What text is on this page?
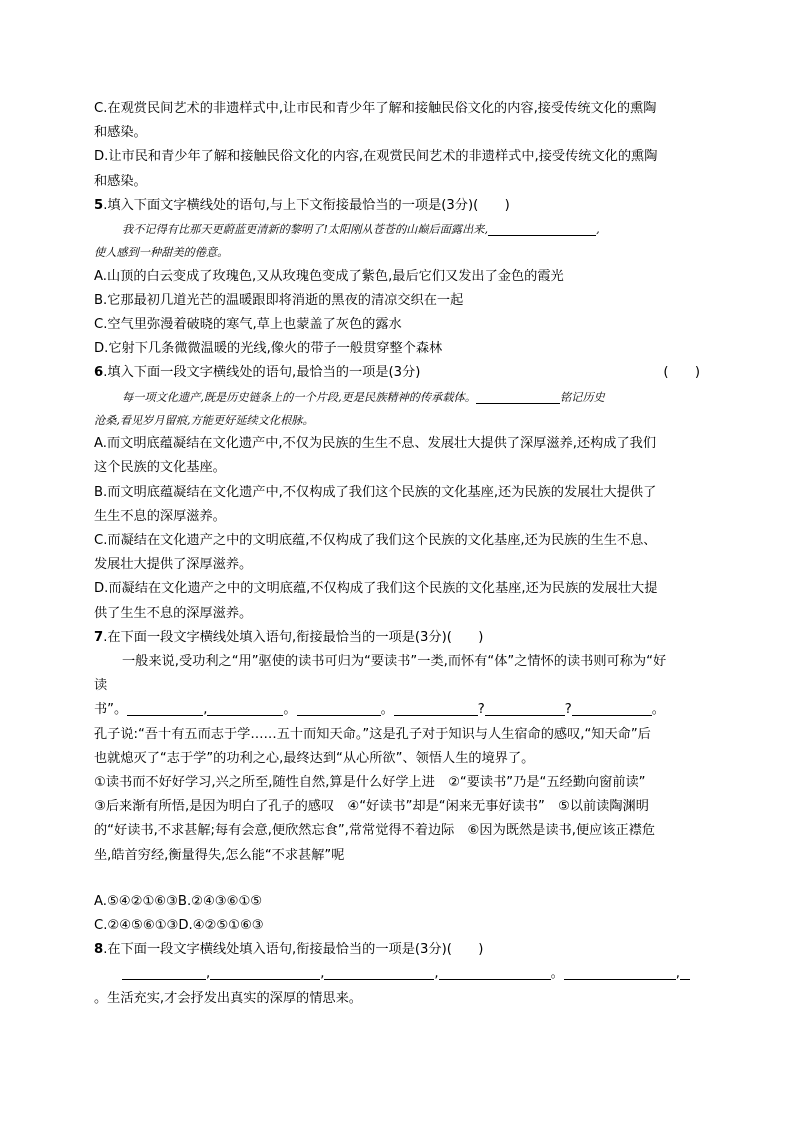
C.在观赏民间艺术的非遗样式中,让市民和青少年了解和接触民俗文化的内容,接受传统文化的熏陶
和感染。
D.让市民和青少年了解和接触民俗文化的内容,在观赏民间艺术的非遗样式中,接受传统文化的熏陶
和感染。
5.填入下面文字横线处的语句,与上下文衔接最恰当的一项是(3分)(　　)
我不记得有比那天更蔚蓝更清新的黎明了!太阳刚从苍苍的山巅后面露出来,	,
使人感到一种甜美的倦意。
A.山顶的白云变成了玫瑰色,又从玫瑰色变成了紫色,最后它们又发出了金色的霞光
B.它那最初几道光芒的温暖跟即将消逝的黑夜的清凉交织在一起
C.空气里弥漫着破晓的寒气,草上也蒙盖了灰色的露水
D.它射下几条微微温暖的光线,像火的带子一般贯穿整个森林
6.填入下面一段文字横线处的语句,最恰当的一项是(3分)	(　　)
每一项文化遗产,既是历史链条上的一个片段,更是民族精神的传承载体。	铭记历史
沧桑,看见岁月留痕,方能更好延续文化根脉。
A.而文明底蕴凝结在文化遗产中,不仅为民族的生生不息、发展壮大提供了深厚滋养,还构成了我们
这个民族的文化基座。
B.而文明底蕴凝结在文化遗产中,不仅构成了我们这个民族的文化基座,还为民族的发展壮大提供了
生生不息的深厚滋养。
C.而凝结在文化遗产之中的文明底蕴,不仅构成了我们这个民族的文化基座,还为民族的生生不息、
发展壮大提供了深厚滋养。
D.而凝结在文化遗产之中的文明底蕴,不仅构成了我们这个民族的文化基座,还为民族的发展壮大提
供了生生不息的深厚滋养。
7.在下面一段文字横线处填入语句,衔接最恰当的一项是(3分)(　　)
一般来说,受功利之“用”驱使的读书可归为“要读书”一类,而怀有“体”之情怀的读书则可称为“好
读
书”。	,	。	。	?	?	。
孔子说:“吾十有五而志于学……五十而知天命。”这是孔子对于知识与人生宿命的感叹,“知天命”后
也就熄灭了“志于学”的功利之心,最终达到“从心所欲”、领悟人生的境界了。
①读书而不好好学习,兴之所至,随性自然,算是什么好学上进　②“要读书”乃是“五经勤向窗前读”
③后来渐有所悟,是因为明白了孔子的感叹　④“好读书”却是“闲来无事好读书”　⑤以前读陶渊明
的“好读书,不求甚解;每有会意,便欣然忘食”,常常觉得不着边际　⑥因为既然是读书,便应该正襟危
坐,皓首穷经,衡量得失,怎么能“不求甚解”呢
A.⑤④②①⑥③B.②④③⑥①⑤
C.②④⑤⑥①③D.④②⑤①⑥③
8.在下面一段文字横线处填入语句,衔接最恰当的一项是(3分)(　　)
,	,	,	。	,
。生活充实,才会抒发出真实的深厚的情思来。
